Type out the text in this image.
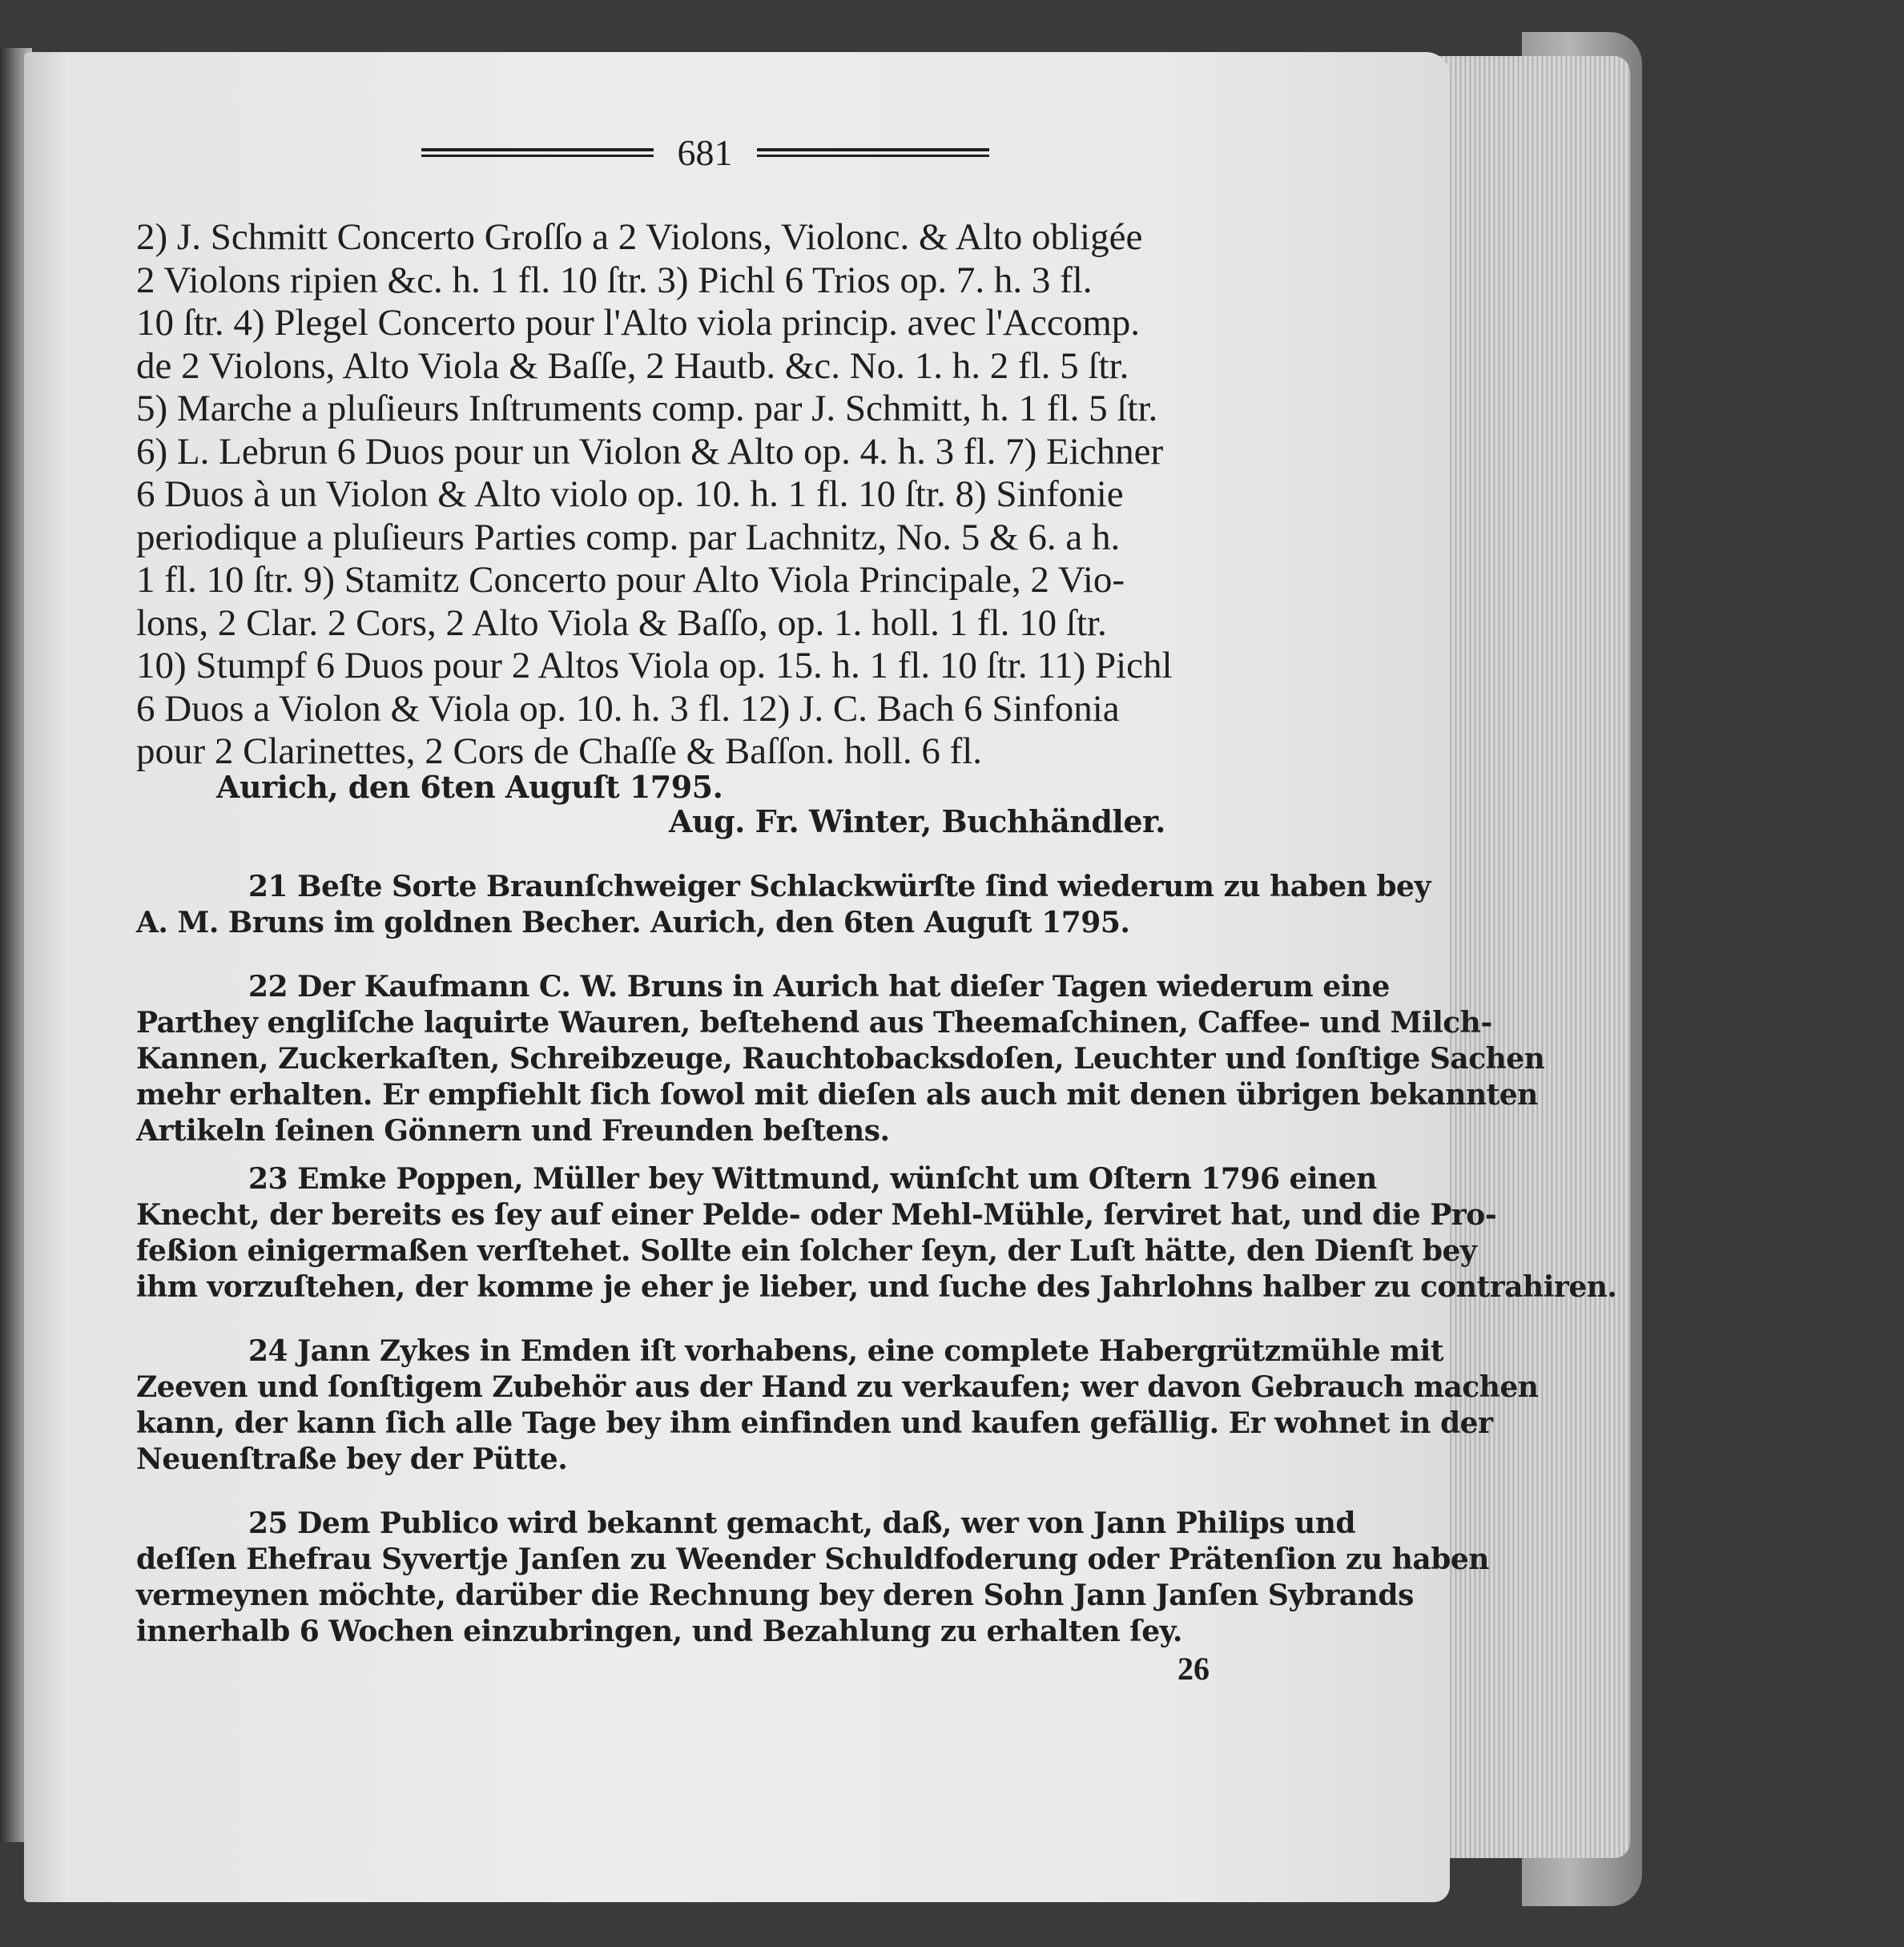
681
2) J. Schmitt Concerto Groſſo a 2 Violons, Violonc. & Alto obligée
2 Violons ripien &c. h. 1 fl. 10 ſtr. 3) Pichl 6 Trios op. 7. h. 3 fl.
10 ſtr. 4) Plegel Concerto pour l'Alto viola princip. avec l'Accomp.
de 2 Violons, Alto Viola & Baſſe, 2 Hautb. &c. No. 1. h. 2 fl. 5 ſtr.
5) Marche a pluſieurs Inſtruments comp. par J. Schmitt, h. 1 fl. 5 ſtr.
6) L. Lebrun 6 Duos pour un Violon & Alto op. 4. h. 3 fl. 7) Eichner
6 Duos à un Violon & Alto violo op. 10. h. 1 fl. 10 ſtr. 8) Sinfonie
periodique a pluſieurs Parties comp. par Lachnitz, No. 5 & 6. a h.
1 fl. 10 ſtr. 9) Stamitz Concerto pour Alto Viola Principale, 2 Vio-
lons, 2 Clar. 2 Cors, 2 Alto Viola & Baſſo, op. 1. holl. 1 fl. 10 ſtr.
10) Stumpf 6 Duos pour 2 Altos Viola op. 15. h. 1 fl. 10 ſtr. 11) Pichl
6 Duos a Violon & Viola op. 10. h. 3 fl. 12) J. C. Bach 6 Sinfonia
pour 2 Clarinettes, 2 Cors de Chaſſe & Baſſon. holl. 6 fl.
Aurich, den 6ten Auguſt 1795.
Aug. Fr. Winter, Buchhändler.
21 Beſte Sorte Braunſchweiger Schlackwürſte ſind wiederum zu haben bey
A. M. Bruns im goldnen Becher. Aurich, den 6ten Auguſt 1795.
22 Der Kaufmann C. W. Bruns in Aurich hat dieſer Tagen wiederum eine
Parthey engliſche laquirte Wauren, beſtehend aus Theemaſchinen, Caffee- und Milch-
Kannen, Zuckerkaſten, Schreibzeuge, Rauchtobacksdoſen, Leuchter und ſonſtige Sachen
mehr erhalten. Er empfiehlt ſich ſowol mit dieſen als auch mit denen übrigen bekannten
Artikeln ſeinen Gönnern und Freunden beſtens.
23 Emke Poppen, Müller bey Wittmund, wünſcht um Oſtern 1796 einen
Knecht, der bereits es ſey auf einer Pelde- oder Mehl-Mühle, ſerviret hat, und die Pro-
feßion einigermaßen verſtehet. Sollte ein ſolcher ſeyn, der Luſt hätte, den Dienſt bey
ihm vorzuſtehen, der komme je eher je lieber, und ſuche des Jahrlohns halber zu contrahiren.
24 Jann Zykes in Emden iſt vorhabens, eine complete Habergrützmühle mit
Zeeven und ſonſtigem Zubehör aus der Hand zu verkaufen; wer davon Gebrauch machen
kann, der kann ſich alle Tage bey ihm einfinden und kaufen gefällig. Er wohnet in der
Neuenſtraße bey der Pütte.
25 Dem Publico wird bekannt gemacht, daß, wer von Jann Philips und
deſſen Ehefrau Syvertje Janſen zu Weender Schuldfoderung oder Prätenſion zu haben
vermeynen möchte, darüber die Rechnung bey deren Sohn Jann Janſen Sybrands
innerhalb 6 Wochen einzubringen, und Bezahlung zu erhalten ſey.
26
